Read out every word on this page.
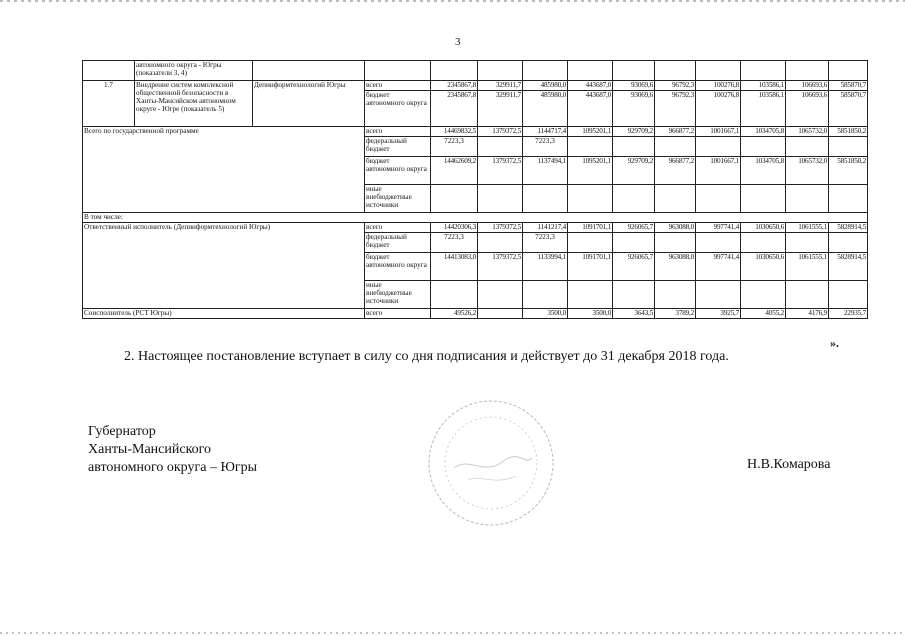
3
	автономного округа - Югры (показатели 3, 4)												
1.7	Внедрение систем комплексной общественной безопасности в Ханты-Мансийском автономном округе - Югре (показатель 5)	Депинформтехнологий Югры	всего	2345867,8	329911,7	485980,0	443687,0	93069,6	96792,3	100276,8	103586,1	106693,6	585870,7
			бюджет автономного округа	2345867,8	329911,7	485980,0	443687,0	93069,6	96792,3	100276,8	103586,1	106693,6	585870,7
Всего по государственной программе			всего	14469832,5	1379372,5	1144717,4	1095201,1	929709,2	966877,2	1001667,1	1034705,8	1065732,0	5851850,2
			федеральный бюджет	7223,3		7223,3							
			бюджет автономного округа	14462609,2	1379372,5	1137494,1	1095201,1	929709,2	966877,2	1001667,1	1034705,8	1065732,0	5851850,2
			иные внебюджетные источники										
В том числе:													
Ответственный исполнитель (Депинформтехнологий Югры)			всего	14420306,3	1379372,5	1141217,4	1091701,1	926065,7	963088,0	997741,4	1030650,6	1061555,1	5828914,5
			федеральный бюджет	7223,3		7223,3							
			бюджет автономного округа	14413083,0	1379372,5	1133994,1	1091701,1	926065,7	963088,0	997741,4	1030650,6	1061555,1	5828914,5
			иные внебюджетные источники										
Соисполнитель (РСТ Югры)			всего	49526,2		3500,0	3500,0	3643,5	3789,2	3925,7	4055,2	4176,9	22935,7
».
2. Настоящее постановление вступает в силу со дня подписания и действует до 31 декабря 2018 года.
Губернатор
Ханты-Мансийского
автономного округа – Югры	Н.В.Комарова
